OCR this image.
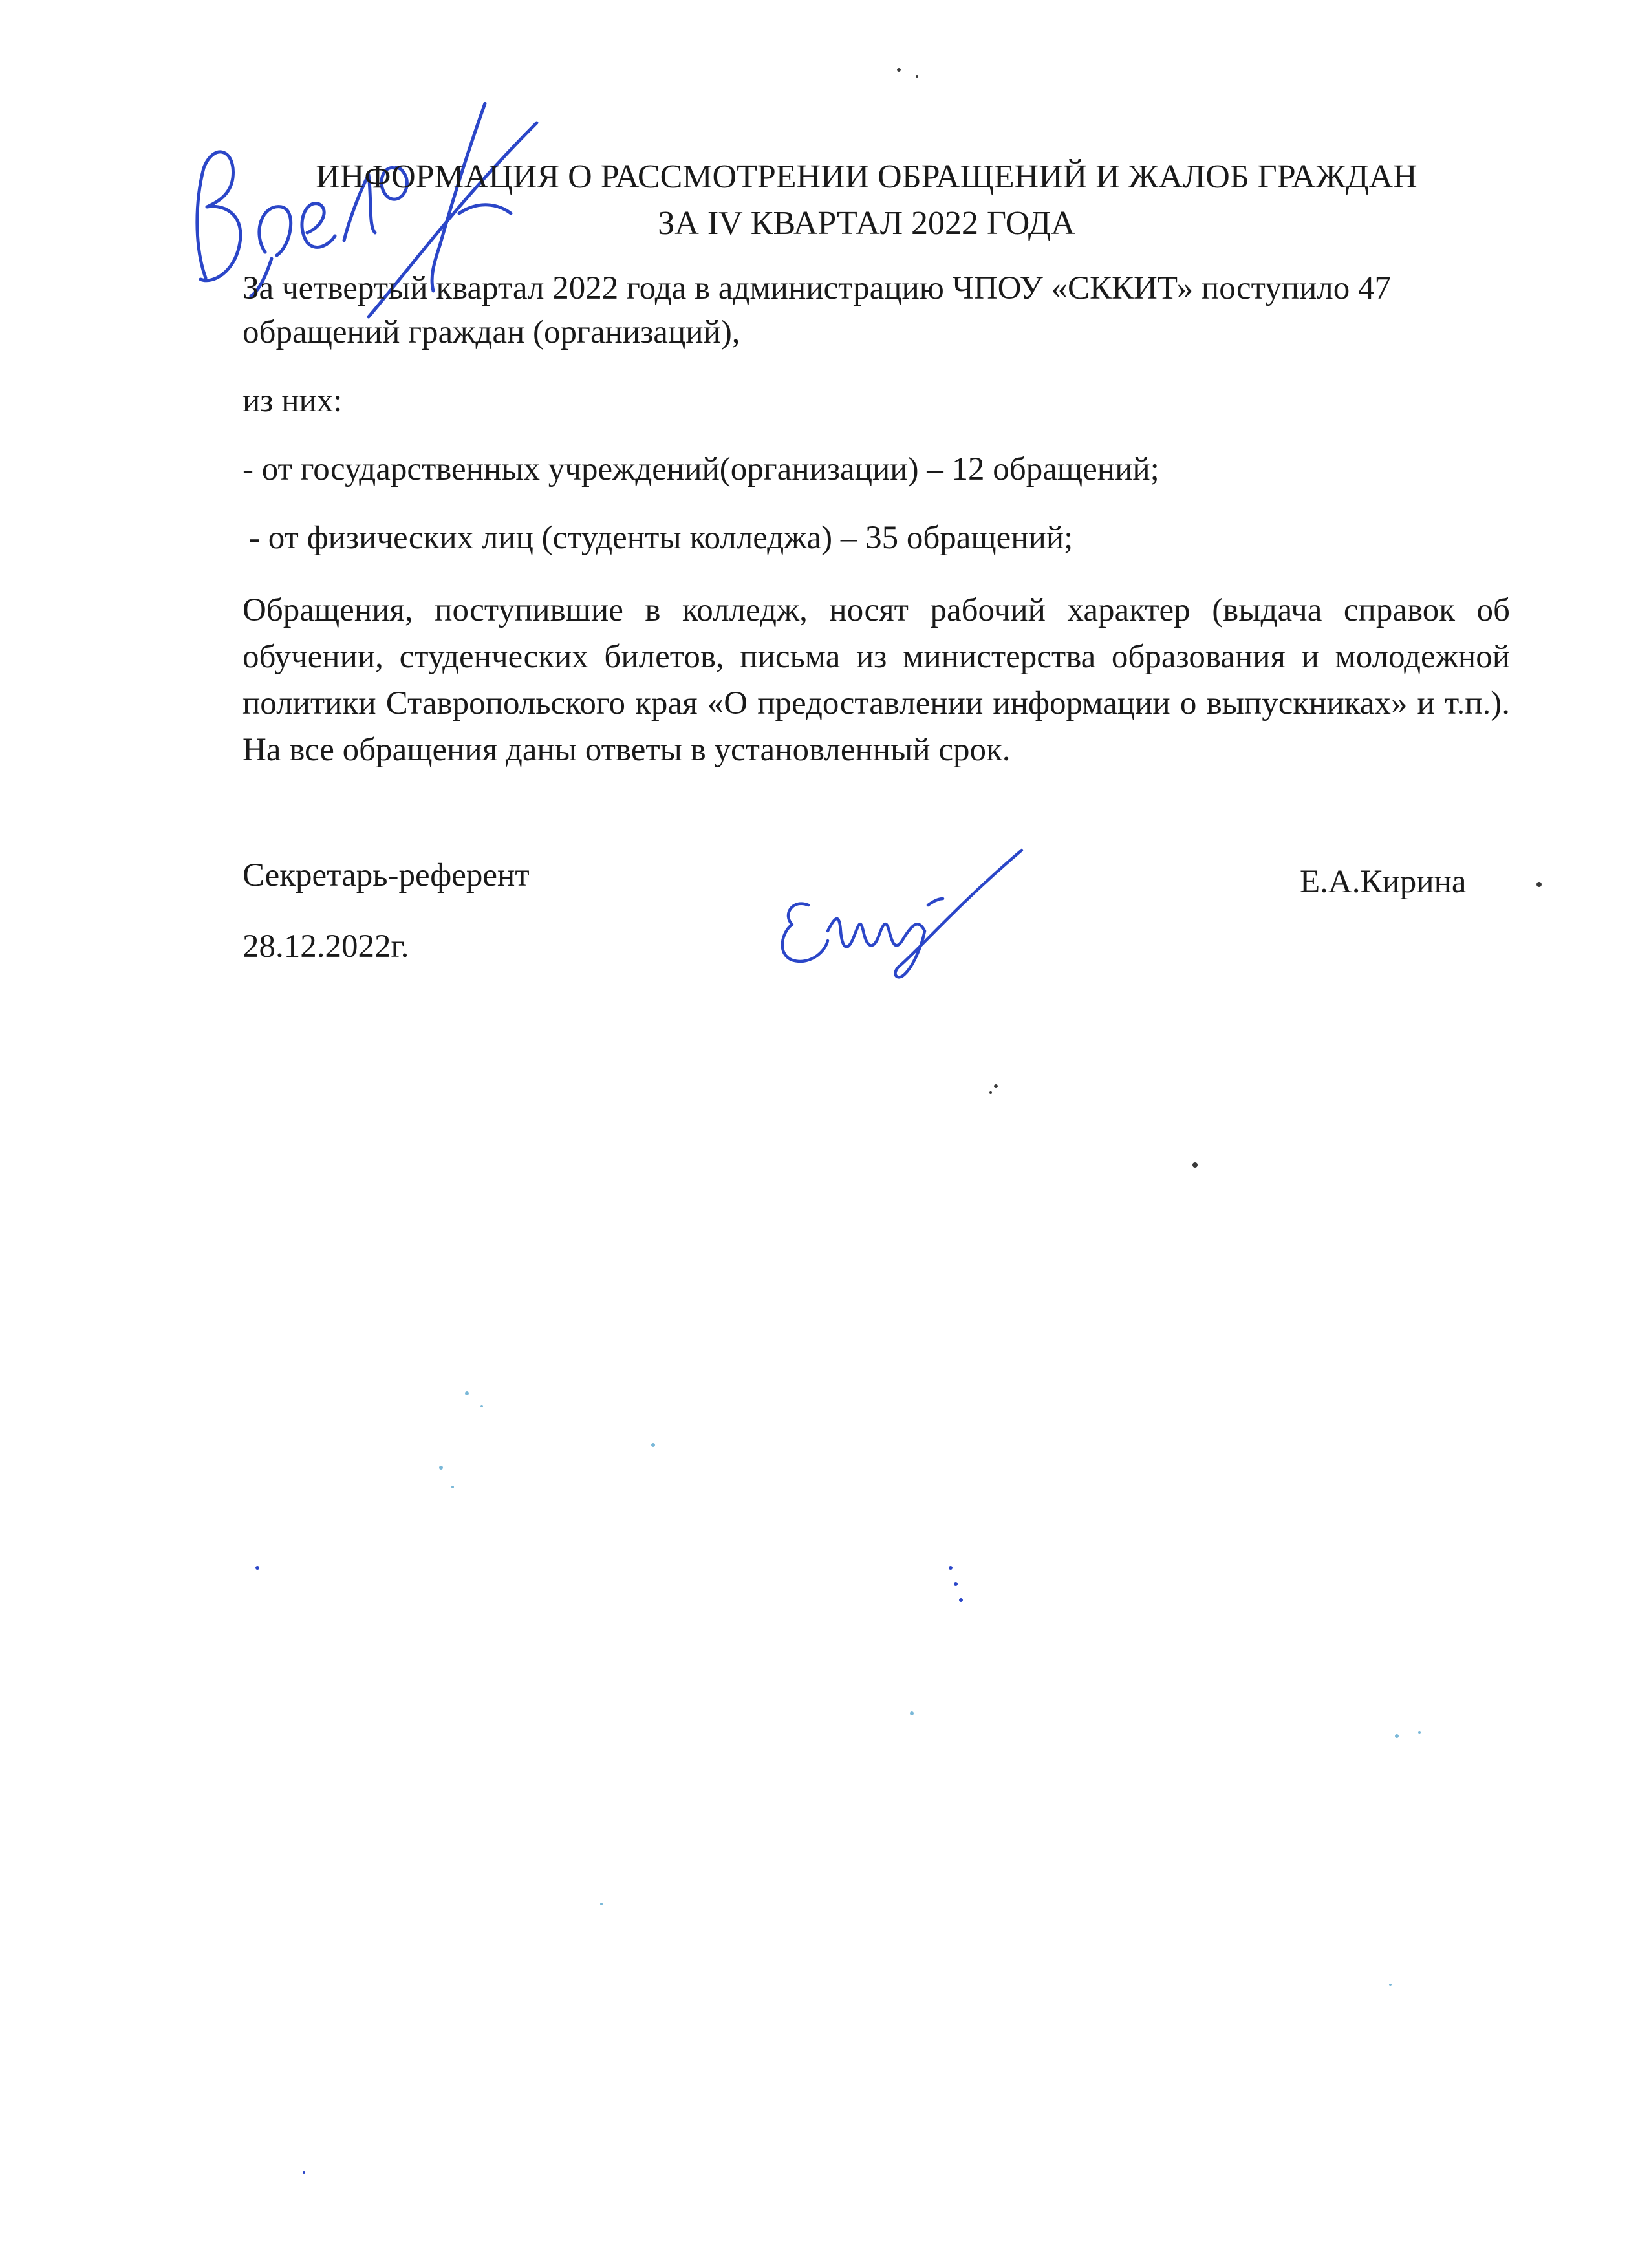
ИНФОРМАЦИЯ О РАССМОТРЕНИИ ОБРАЩЕНИЙ И ЖАЛОБ ГРАЖДАН
ЗА IV КВАРТАЛ 2022 ГОДА
За четвертый квартал 2022 года в администрацию ЧПОУ «СККИТ» поступило 47 обращений граждан (организаций),
из них:
- от государственных учреждений(организации) – 12 обращений;
- от физических лиц (студенты колледжа) – 35 обращений;
Обращения, поступившие в колледж, носят рабочий характер (выдача справок об обучении, студенческих билетов, письма из министерства образования и молодежной политики Ставропольского края «О предоставлении информации о выпускниках» и т.п.). На все обращения даны ответы в установленный срок.
Секретарь-референт
28.12.2022г.
Е.А.Кирина
